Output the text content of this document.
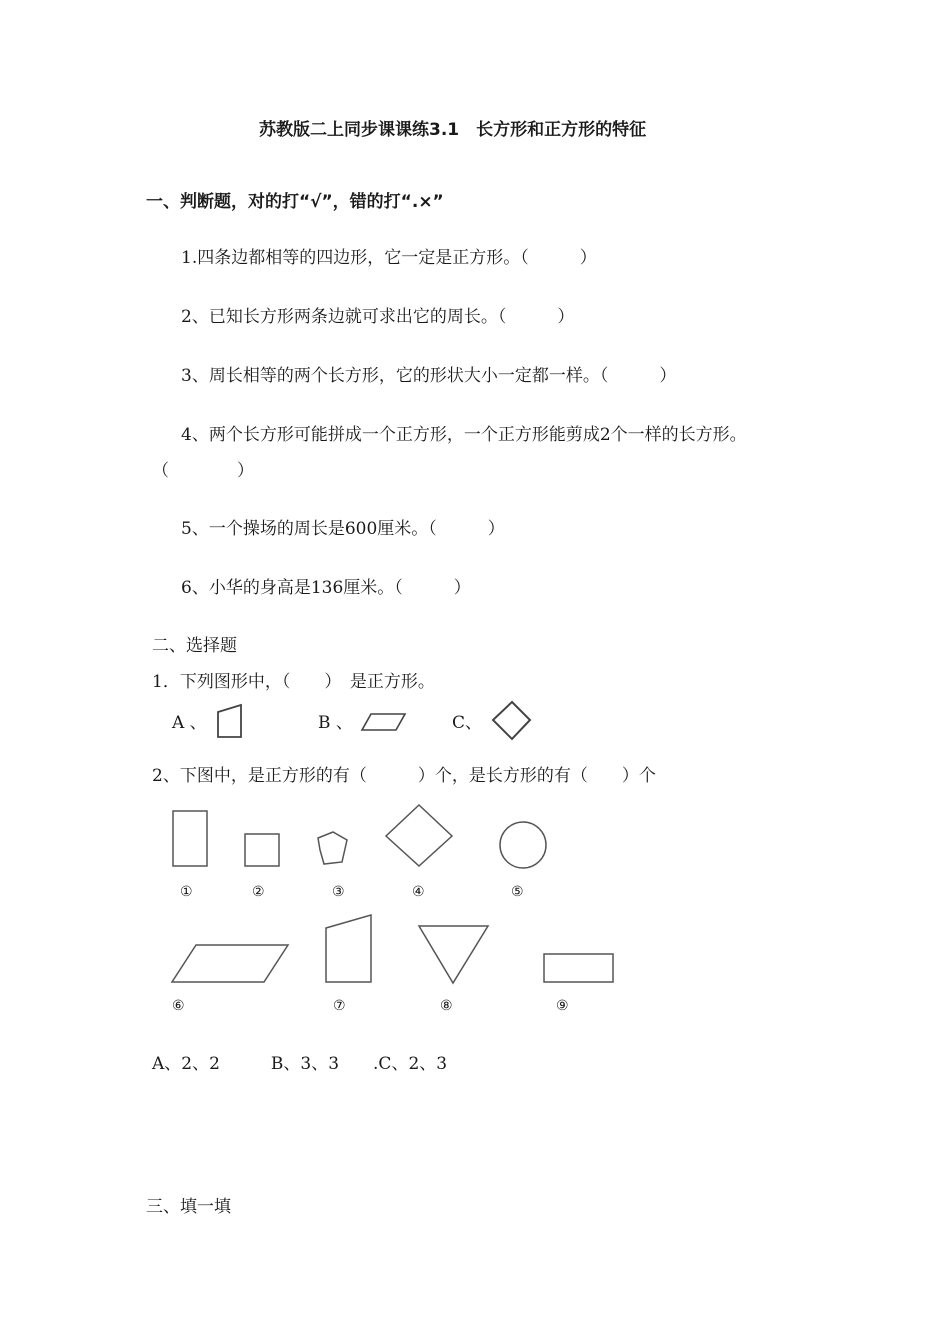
苏教版二上同步课课练3.1　长方形和正方形的特征
一、判断题，对的打“√”，错的打“.×”
1.四条边都相等的四边形，它一定是正方形。（　　　）
2、已知长方形两条边就可求出它的周长。（　　　）
3、周长相等的两个长方形，它的形状大小一定都一样。（　　　）
4、两个长方形可能拼成一个正方形，一个正方形能剪成2个一样的长方形。
（　　　　）
5、一个操场的周长是600厘米。（　　　）
6、小华的身高是136厘米。（　　　）
二、选择题
1．下列图形中，（　　）　是正方形。
A 、	B 、	C、
2、下图中，是正方形的有（　　　）个，是长方形的有（　　）个
①	②	③	④	⑤
⑥	⑦	⑧	⑨
A、2、2　　　B、3、3　　.C、2、3
三、填一填
